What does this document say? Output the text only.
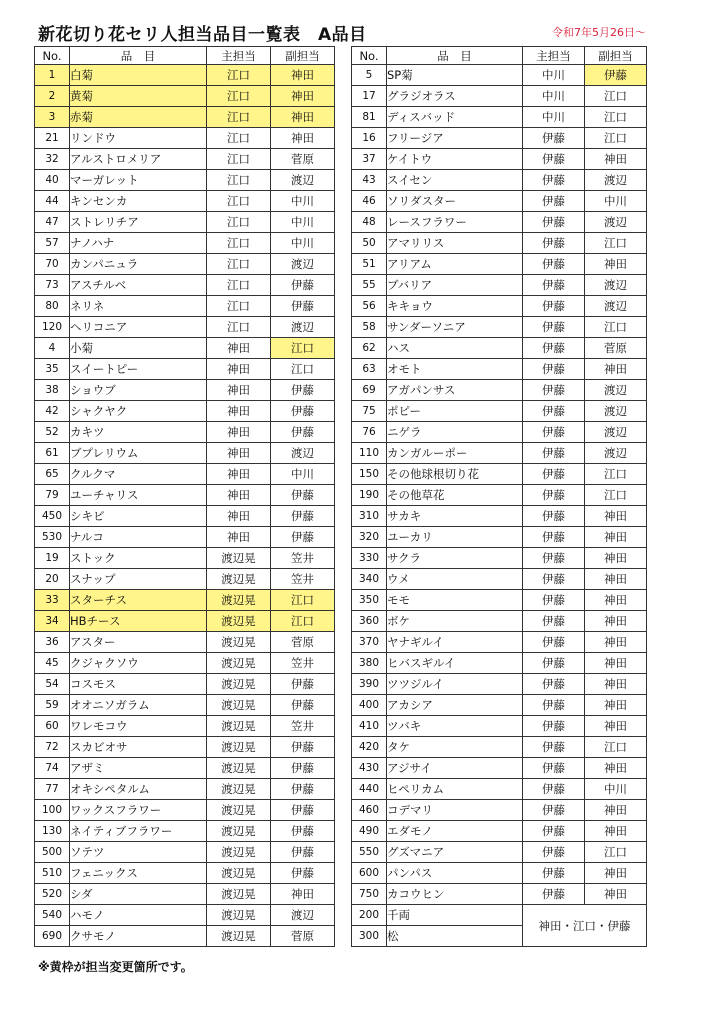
新花切り花セリ人担当品目一覧表　A品目	令和7年5月26日～
No.	品　目	主担当	副担当
1	白菊	江口	神田
2	黄菊	江口	神田
3	赤菊	江口	神田
21	リンドウ	江口	神田
32	アルストロメリア	江口	菅原
40	マーガレット	江口	渡辺
44	キンセンカ	江口	中川
47	ストレリチア	江口	中川
57	ナノハナ	江口	中川
70	カンパニュラ	江口	渡辺
73	アスチルベ	江口	伊藤
80	ネリネ	江口	伊藤
120	ヘリコニア	江口	渡辺
4	小菊	神田	江口
35	スイートピー	神田	江口
38	ショウブ	神田	伊藤
42	シャクヤク	神田	伊藤
52	カキツ	神田	伊藤
61	ブプレリウム	神田	渡辺
65	クルクマ	神田	中川
79	ユーチャリス	神田	伊藤
450	シキビ	神田	伊藤
530	ナルコ	神田	伊藤
19	ストック	渡辺晃	笠井
20	スナップ	渡辺晃	笠井
33	スターチス	渡辺晃	江口
34	HBチース	渡辺晃	江口
36	アスター	渡辺晃	菅原
45	クジャクソウ	渡辺晃	笠井
54	コスモス	渡辺晃	伊藤
59	オオニソガラム	渡辺晃	伊藤
60	ワレモコウ	渡辺晃	笠井
72	スカビオサ	渡辺晃	伊藤
74	アザミ	渡辺晃	伊藤
77	オキシペタルム	渡辺晃	伊藤
100	ワックスフラワー	渡辺晃	伊藤
130	ネイティブフラワー	渡辺晃	伊藤
500	ソテツ	渡辺晃	伊藤
510	フェニックス	渡辺晃	伊藤
520	シダ	渡辺晃	神田
540	ハモノ	渡辺晃	渡辺
690	クサモノ	渡辺晃	菅原
No.	品　目	主担当	副担当
5	SP菊	中川	伊藤
17	グラジオラス	中川	江口
81	ディスバッド	中川	江口
16	フリージア	伊藤	江口
37	ケイトウ	伊藤	神田
43	スイセン	伊藤	渡辺
46	ソリダスター	伊藤	中川
48	レースフラワー	伊藤	渡辺
50	アマリリス	伊藤	江口
51	アリアム	伊藤	神田
55	ブバリア	伊藤	渡辺
56	キキョウ	伊藤	渡辺
58	サンダーソニア	伊藤	江口
62	ハス	伊藤	菅原
63	オモト	伊藤	神田
69	アガパンサス	伊藤	渡辺
75	ポピー	伊藤	渡辺
76	ニゲラ	伊藤	渡辺
110	カンガルーポー	伊藤	渡辺
150	その他球根切り花	伊藤	江口
190	その他草花	伊藤	江口
310	サカキ	伊藤	神田
320	ユーカリ	伊藤	神田
330	サクラ	伊藤	神田
340	ウメ	伊藤	神田
350	モモ	伊藤	神田
360	ボケ	伊藤	神田
370	ヤナギルイ	伊藤	神田
380	ヒバスギルイ	伊藤	神田
390	ツツジルイ	伊藤	神田
400	アカシア	伊藤	神田
410	ツバキ	伊藤	神田
420	タケ	伊藤	江口
430	アジサイ	伊藤	神田
440	ヒペリカム	伊藤	中川
460	コデマリ	伊藤	神田
490	エダモノ	伊藤	神田
550	グズマニア	伊藤	江口
600	パンパス	伊藤	神田
750	カコウヒン	伊藤	神田
200	千両	神田・江口・伊藤	
300	松		
※黄枠が担当変更箇所です。
